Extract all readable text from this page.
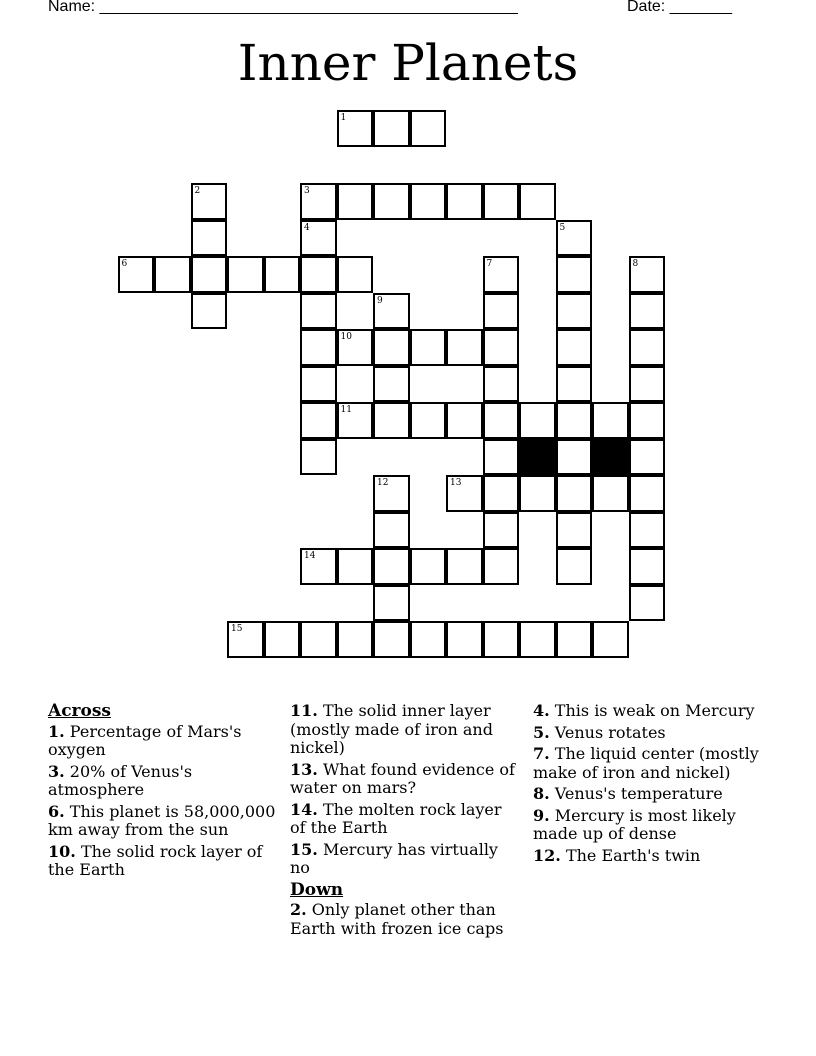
Name: _______________________________________________	Date: _______
Inner Planets
1
2
4	5
3
6	7	8
9
10
11
12	13
14
15
Across
1. Percentage of Mars's oxygen
3. 20% of Venus's atmosphere
6. This planet is 58,000,000 km away from the sun
10. The solid rock layer of the Earth
11. The solid inner layer (mostly made of iron and nickel)
13. What found evidence of water on mars?
14. The molten rock layer of the Earth
15. Mercury has virtually no
Down
2. Only planet other than Earth with frozen ice caps
4. This is weak on Mercury
5. Venus rotates
7. The liquid center (mostly make of iron and nickel)
8. Venus's temperature
9. Mercury is most likely made up of dense
12. The Earth's twin
